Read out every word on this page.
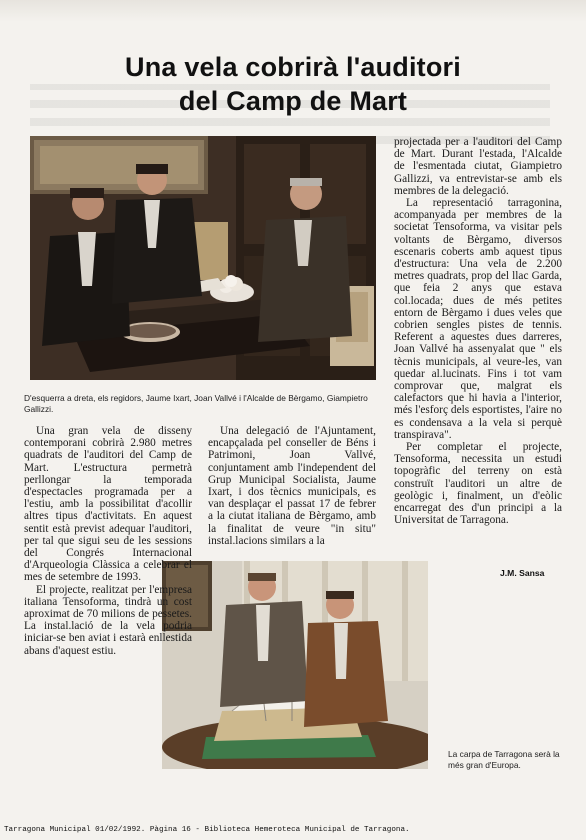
Una vela cobrirà l'auditori
del Camp de Mart

D'esquerra a dreta, els regidors, Jaume Ixart, Joan Vallvé i l'Alcalde de Bèrgamo, Giampietro Gallizzi.

La carpa de Tarragona serà la més gran d'Europa.

Una gran vela de disseny contemporani cobrirà 2.980 metres quadrats de l'auditori del Camp de Mart. L'estructura permetrà perllongar la temporada d'espectacles programada per a l'estiu, amb la possibilitat d'acollir altres tipus d'activitats. En aquest sentit està previst adequar l'auditori, per tal que sigui seu de les sessions del Congrés Internacional d'Arqueologia Clàssica a celebrar el mes de setembre de 1993.

El projecte, realitzat per l'empresa italiana Tensoforma, tindrà un cost aproximat de 70 milions de pessetes. La instal.lació de la vela podria iniciar-se ben aviat i estarà enllestida abans d'aquest estiu.

Una delegació de l'Ajuntament, encapçalada pel conseller de Béns i Patrimoni, Joan Vallvé, conjuntament amb l'independent del Grup Municipal Socialista, Jaume Ixart, i dos tècnics municipals, es van desplaçar el passat 17 de febrer a la ciutat italiana de Bèrgamo, amb la finalitat de veure "in situ" instal.lacions similars a la

projectada per a l'auditori del Camp de Mart. Durant l'estada, l'Alcalde de l'esmentada ciutat, Giampietro Gallizzi, va entrevistar-se amb els membres de la delegació.

La representació tarragonina, acompanyada per membres de la societat Tensoforma, va visitar pels voltants de Bèrgamo, diversos escenaris coberts amb aquest tipus d'estructura: Una vela de 2.200 metres quadrats, prop del llac Garda, que feia 2 anys que estava col.locada; dues de més petites entorn de Bèrgamo i dues veles que cobrien sengles pistes de tennis. Referent a aquestes dues darreres, Joan Vallvé ha assenyalat que " els tècnis municipals, al veure-les, van quedar al.lucinats. Fins i tot vam comprovar que, malgrat els calefactors que hi havia a l'interior, més l'esforç dels esportistes, l'aire no es condensava a la vela si perquè transpirava".

Per completar el projecte, Tensoforma, necessita un estudi topogràfic del terreny on està construït l'auditori un altre de geològic i, finalment, un d'eòlic encarregat des d'un principi a la Universitat de Tarragona.

J.M. Sansa

Tarragona Municipal 01/02/1992. Pàgina 16 - Biblioteca Hemeroteca Municipal de Tarragona.
